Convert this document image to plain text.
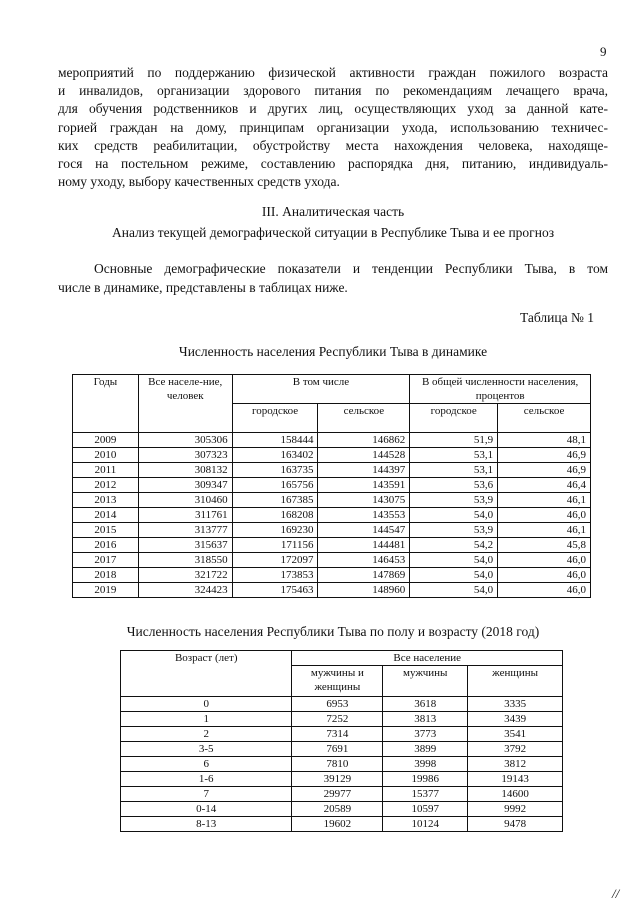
9
мероприятий по поддержанию физической активности граждан пожилого возраста
и инвалидов, организации здорового питания по рекомендациям лечащего врача,
для обучения родственников и других лиц, осуществляющих уход за данной кате-
горией граждан на дому, принципам организации ухода, использованию техничес-
ких средств реабилитации, обустройству места нахождения человека, находяще-
гося на постельном режиме, составлению распорядка дня, питанию, индивидуаль-
ному уходу, выбору качественных средств ухода.
III. Аналитическая часть
Анализ текущей демографической ситуации в Республике Тыва и ее прогноз
Основные демографические показатели и тенденции Республики Тыва, в том
числе в динамике, представлены в таблицах ниже.
Таблица № 1
Численность населения Республики Тыва в динамике
Годы	Все населе-ние, человек	В том числе		В общей численности населения, процентов	
		городское	сельское	городское	сельское
2009	305306	158444	146862	51,9	48,1
2010	307323	163402	144528	53,1	46,9
2011	308132	163735	144397	53,1	46,9
2012	309347	165756	143591	53,6	46,4
2013	310460	167385	143075	53,9	46,1
2014	311761	168208	143553	54,0	46,0
2015	313777	169230	144547	53,9	46,1
2016	315637	171156	144481	54,2	45,8
2017	318550	172097	146453	54,0	46,0
2018	321722	173853	147869	54,0	46,0
2019	324423	175463	148960	54,0	46,0
Численность населения Республики Тыва по полу и возрасту (2018 год)
Возраст (лет)	Все население		
	мужчины и женщины	мужчины	женщины
0	6953	3618	3335
1	7252	3813	3439
2	7314	3773	3541
3-5	7691	3899	3792
6	7810	3998	3812
1-6	39129	19986	19143
7	29977	15377	14600
0-14	20589	10597	9992
8-13	19602	10124	9478
//
